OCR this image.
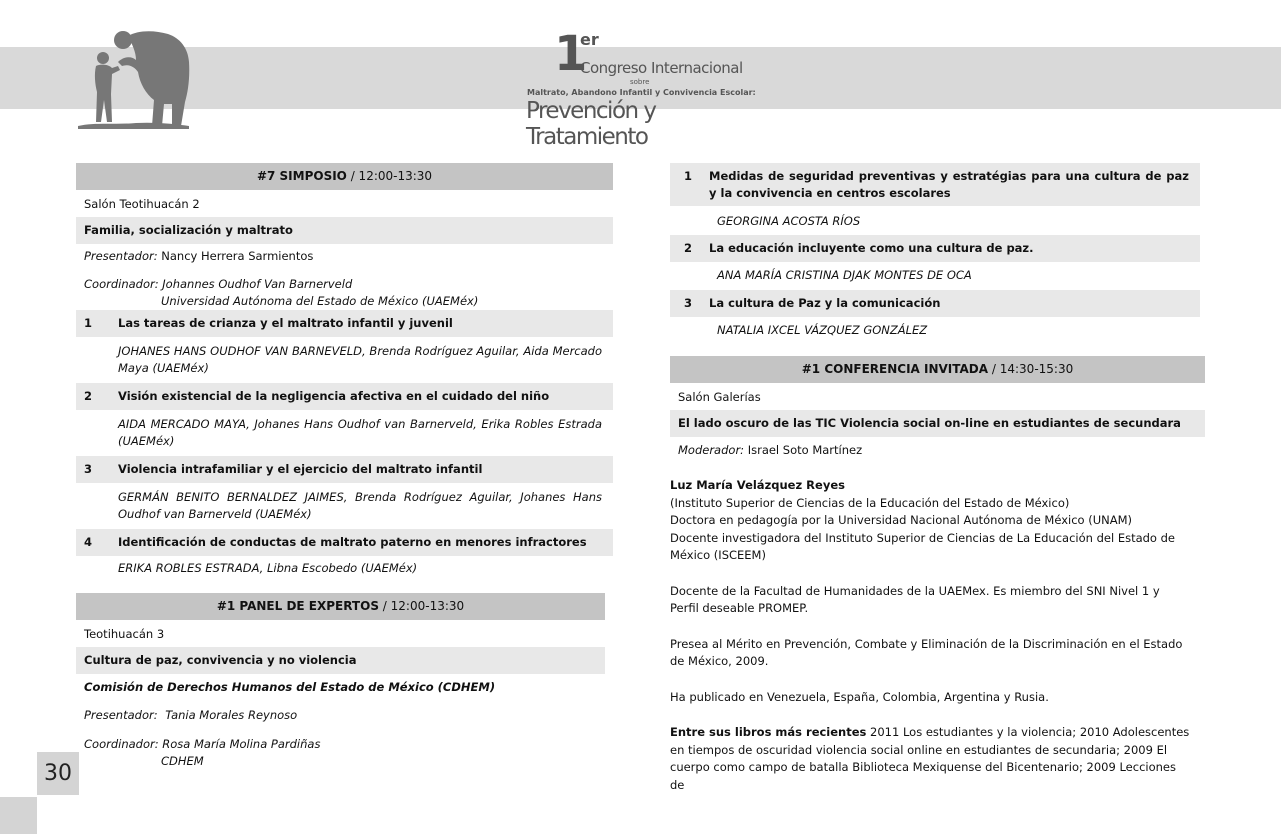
30
1
er
Congreso Internacional
sobre
Maltrato, Abandono Infantil y Convivencia Escolar:
Prevención y Tratamiento
#7 SIMPOSIO / 12:00-13:30
Salón Teotihuacán 2
Familia, socialización y maltrato
Presentador: Nancy Herrera Sarmientos
Coordinador: Johannes Oudhof Van Barnerveld
Universidad Autónoma del Estado de México (UAEMéx)
1	Las tareas de crianza y el maltrato infantil y juvenil
JOHANES HANS OUDHOF VAN BARNEVELD, Brenda Rodríguez Aguilar, Aida Mercado Maya (UAEMéx)
2	Visión existencial de la negligencia afectiva en el cuidado del niño
AIDA MERCADO MAYA, Johanes Hans Oudhof van Barnerveld, Erika Robles Estrada (UAEMéx)
3	Violencia intrafamiliar y el ejercicio del maltrato infantil
GERMÁN BENITO BERNALDEZ JAIMES, Brenda Rodríguez Aguilar, Johanes Hans Oudhof van Barnerveld (UAEMéx)
4	Identificación de conductas de maltrato paterno en menores infractores
ERIKA ROBLES ESTRADA, Libna Escobedo (UAEMéx)
#1 PANEL DE EXPERTOS / 12:00-13:30
Teotihuacán 3
Cultura de paz, convivencia y no violencia
Comisión de Derechos Humanos del Estado de México (CDHEM)
Presentador: Tania Morales Reynoso
Coordinador: Rosa María Molina Pardiñas
CDHEM
1	Medidas de seguridad preventivas y estratégias para una cultura de paz y la convivencia en centros escolares
GEORGINA ACOSTA RÍOS
2	La educación incluyente como una cultura de paz.
ANA MARÍA CRISTINA DJAK MONTES DE OCA
3	La cultura de Paz y la comunicación
NATALIA IXCEL VÁZQUEZ GONZÁLEZ
#1 CONFERENCIA INVITADA / 14:30-15:30
Salón Galerías
El lado oscuro de las TIC Violencia social on-line en estudiantes de secundara
Moderador: Israel Soto Martínez

Luz María Velázquez Reyes

(Instituto Superior de Ciencias de la Educación del Estado de México)

Doctora en pedagogía por la Universidad Nacional Autónoma de México (UNAM)

Docente investigadora del Instituto Superior de Ciencias de La Educación del Estado de México (ISCEEM)

Docente de la Facultad de Humanidades de la UAEMex. Es miembro del SNI Nivel 1 y Perfil deseable PROMEP.

Presea al Mérito en Prevención, Combate y Eliminación de la Discriminación en el Estado de México, 2009.

Ha publicado en Venezuela, España, Colombia, Argentina y Rusia.

Entre sus libros más recientes 2011 Los estudiantes y la violencia; 2010 Adolescentes en tiempos de oscuridad violencia social online en estudiantes de secundaria; 2009 El cuerpo como campo de batalla Biblioteca Mexiquense del Bicentenario; 2009 Lecciones de
